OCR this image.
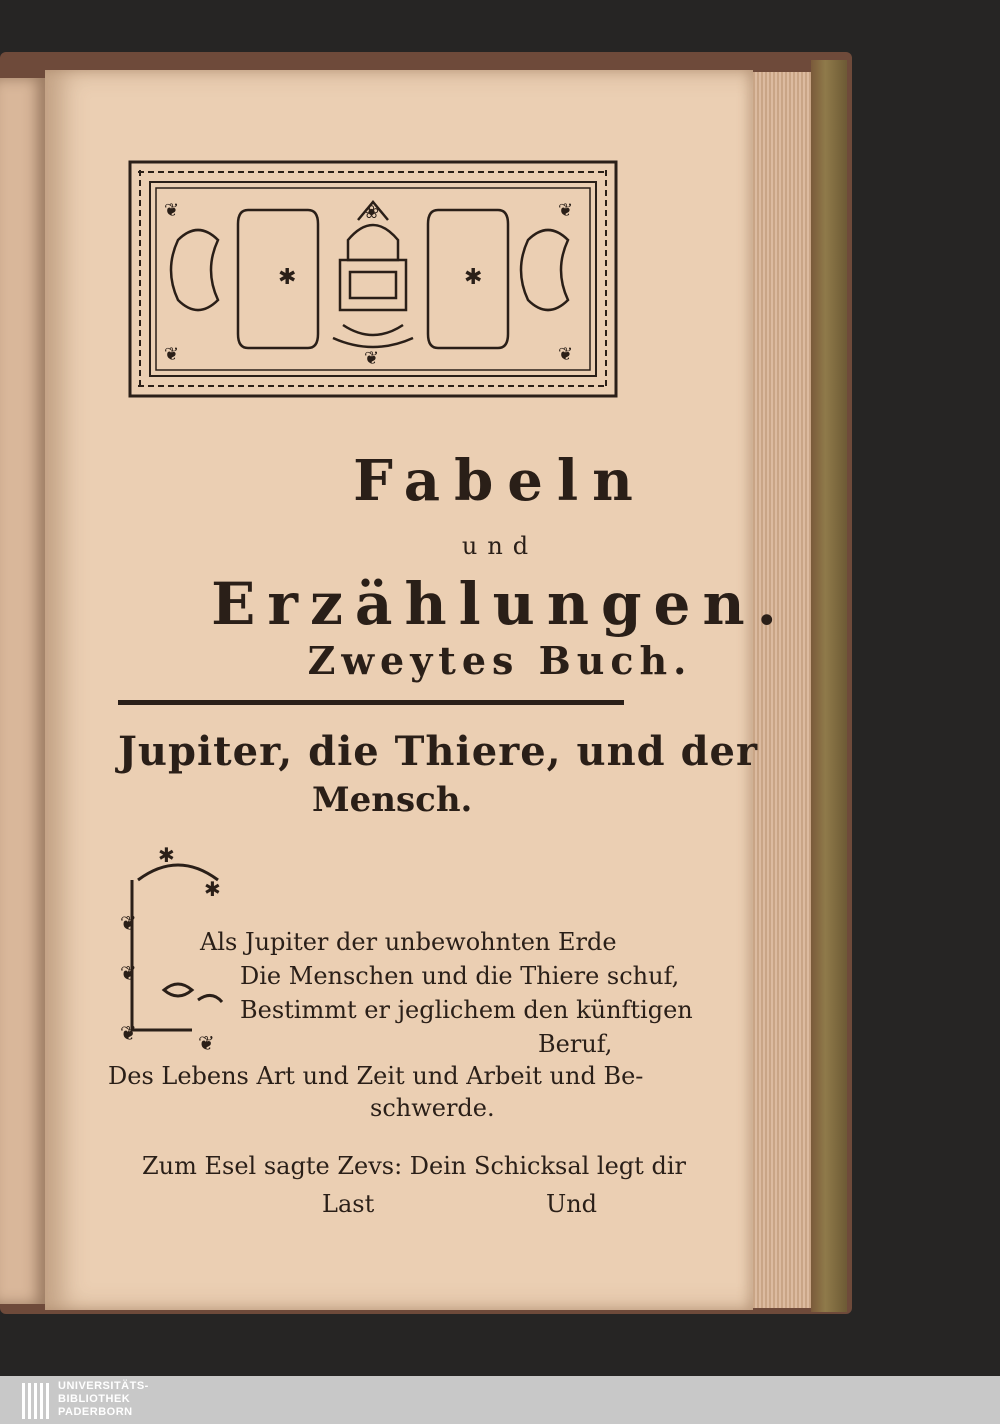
✱	✱
❦	❦
❦	❦
❀
❦
Fabeln
und
Erzählungen.
Zweytes Buch.
Jupiter, die Thiere, und der
Mensch.
✱
✱
❦
❦
❦	❦
Als Jupiter der unbewohnten Erde
Die Menschen und die Thiere schuf,
Bestimmt er jeglichem den künftigen
Beruf,
Des Lebens Art und Zeit und Arbeit und Be-
schwerde.
Zum Esel sagte Zevs: Dein Schicksal legt dir
Last	Und
UNIVERSITÄTS-
BIBLIOTHEK
PADERBORN
